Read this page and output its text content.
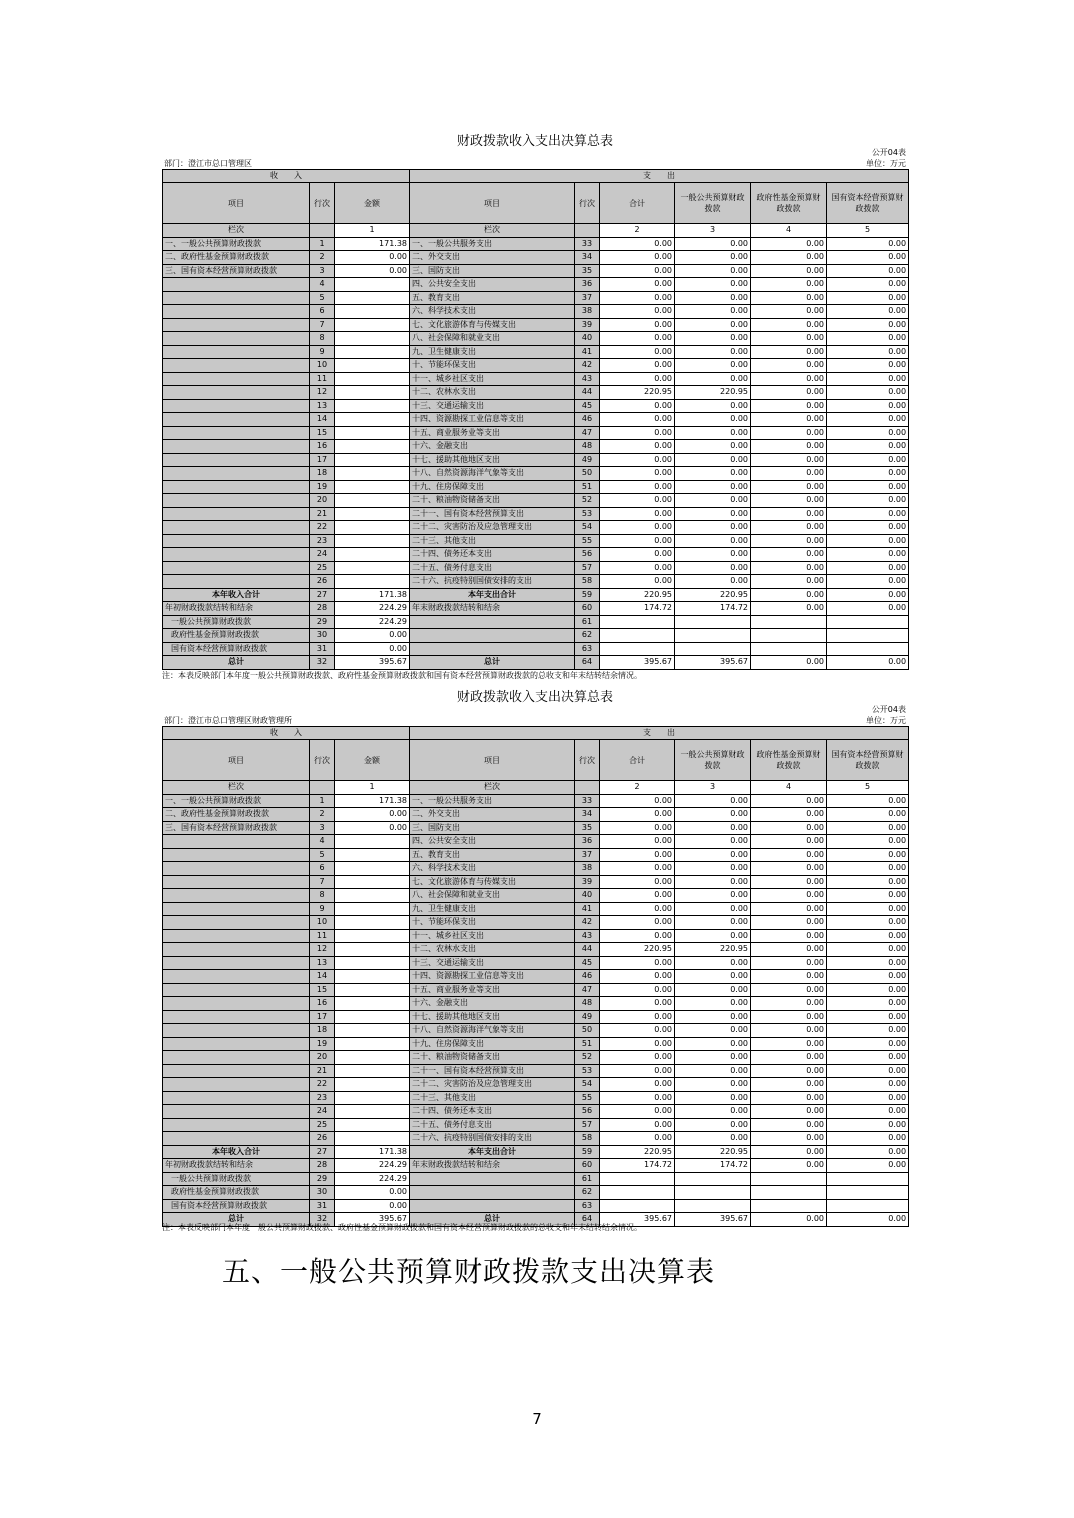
财政拨款收入支出决算总表
公开04表
部门：澄江市总口管理区	单位：万元
收　　入			支　　出					
项目	行次	金额	项目	行次	合计	一般公共预算财政拨款	政府性基金预算财政拨款	国有资本经营预算财政拨款
栏次		1	栏次		2	3	4	5
一、一般公共预算财政拨款	1	171.38	一、一般公共服务支出	33	0.00	0.00	0.00	0.00
二、政府性基金预算财政拨款	2	0.00	二、外交支出	34	0.00	0.00	0.00	0.00
三、国有资本经营预算财政拨款	3	0.00	三、国防支出	35	0.00	0.00	0.00	0.00
	4		四、公共安全支出	36	0.00	0.00	0.00	0.00
	5		五、教育支出	37	0.00	0.00	0.00	0.00
	6		六、科学技术支出	38	0.00	0.00	0.00	0.00
	7		七、文化旅游体育与传媒支出	39	0.00	0.00	0.00	0.00
	8		八、社会保障和就业支出	40	0.00	0.00	0.00	0.00
	9		九、卫生健康支出	41	0.00	0.00	0.00	0.00
	10		十、节能环保支出	42	0.00	0.00	0.00	0.00
	11		十一、城乡社区支出	43	0.00	0.00	0.00	0.00
	12		十二、农林水支出	44	220.95	220.95	0.00	0.00
	13		十三、交通运输支出	45	0.00	0.00	0.00	0.00
	14		十四、资源勘探工业信息等支出	46	0.00	0.00	0.00	0.00
	15		十五、商业服务业等支出	47	0.00	0.00	0.00	0.00
	16		十六、金融支出	48	0.00	0.00	0.00	0.00
	17		十七、援助其他地区支出	49	0.00	0.00	0.00	0.00
	18		十八、自然资源海洋气象等支出	50	0.00	0.00	0.00	0.00
	19		十九、住房保障支出	51	0.00	0.00	0.00	0.00
	20		二十、粮油物资储备支出	52	0.00	0.00	0.00	0.00
	21		二十一、国有资本经营预算支出	53	0.00	0.00	0.00	0.00
	22		二十二、灾害防治及应急管理支出	54	0.00	0.00	0.00	0.00
	23		二十三、其他支出	55	0.00	0.00	0.00	0.00
	24		二十四、债务还本支出	56	0.00	0.00	0.00	0.00
	25		二十五、债务付息支出	57	0.00	0.00	0.00	0.00
	26		二十六、抗疫特别国债安排的支出	58	0.00	0.00	0.00	0.00
本年收入合计	27	171.38	本年支出合计	59	220.95	220.95	0.00	0.00
年初财政拨款结转和结余	28	224.29	年末财政拨款结转和结余	60	174.72	174.72	0.00	0.00
一般公共预算财政拨款	29	224.29		61				
政府性基金预算财政拨款	30	0.00		62				
国有资本经营预算财政拨款	31	0.00		63				
总计	32	395.67	总计	64	395.67	395.67	0.00	0.00
注：本表反映部门本年度一般公共预算财政拨款、政府性基金预算财政拨款和国有资本经营预算财政拨款的总收支和年末结转结余情况。
财政拨款收入支出决算总表
公开04表
部门：澄江市总口管理区财政管理所	单位：万元
收　　入			支　　出					
项目	行次	金额	项目	行次	合计	一般公共预算财政拨款	政府性基金预算财政拨款	国有资本经营预算财政拨款
栏次		1	栏次		2	3	4	5
一、一般公共预算财政拨款	1	171.38	一、一般公共服务支出	33	0.00	0.00	0.00	0.00
二、政府性基金预算财政拨款	2	0.00	二、外交支出	34	0.00	0.00	0.00	0.00
三、国有资本经营预算财政拨款	3	0.00	三、国防支出	35	0.00	0.00	0.00	0.00
	4		四、公共安全支出	36	0.00	0.00	0.00	0.00
	5		五、教育支出	37	0.00	0.00	0.00	0.00
	6		六、科学技术支出	38	0.00	0.00	0.00	0.00
	7		七、文化旅游体育与传媒支出	39	0.00	0.00	0.00	0.00
	8		八、社会保障和就业支出	40	0.00	0.00	0.00	0.00
	9		九、卫生健康支出	41	0.00	0.00	0.00	0.00
	10		十、节能环保支出	42	0.00	0.00	0.00	0.00
	11		十一、城乡社区支出	43	0.00	0.00	0.00	0.00
	12		十二、农林水支出	44	220.95	220.95	0.00	0.00
	13		十三、交通运输支出	45	0.00	0.00	0.00	0.00
	14		十四、资源勘探工业信息等支出	46	0.00	0.00	0.00	0.00
	15		十五、商业服务业等支出	47	0.00	0.00	0.00	0.00
	16		十六、金融支出	48	0.00	0.00	0.00	0.00
	17		十七、援助其他地区支出	49	0.00	0.00	0.00	0.00
	18		十八、自然资源海洋气象等支出	50	0.00	0.00	0.00	0.00
	19		十九、住房保障支出	51	0.00	0.00	0.00	0.00
	20		二十、粮油物资储备支出	52	0.00	0.00	0.00	0.00
	21		二十一、国有资本经营预算支出	53	0.00	0.00	0.00	0.00
	22		二十二、灾害防治及应急管理支出	54	0.00	0.00	0.00	0.00
	23		二十三、其他支出	55	0.00	0.00	0.00	0.00
	24		二十四、债务还本支出	56	0.00	0.00	0.00	0.00
	25		二十五、债务付息支出	57	0.00	0.00	0.00	0.00
	26		二十六、抗疫特别国债安排的支出	58	0.00	0.00	0.00	0.00
本年收入合计	27	171.38	本年支出合计	59	220.95	220.95	0.00	0.00
年初财政拨款结转和结余	28	224.29	年末财政拨款结转和结余	60	174.72	174.72	0.00	0.00
一般公共预算财政拨款	29	224.29		61				
政府性基金预算财政拨款	30	0.00		62				
国有资本经营预算财政拨款	31	0.00		63				
总计	32	395.67	总计	64	395.67	395.67	0.00	0.00
注：本表反映部门本年度一般公共预算财政拨款、政府性基金预算财政拨款和国有资本经营预算财政拨款的总收支和年末结转结余情况。
五、一般公共预算财政拨款支出决算表
7
